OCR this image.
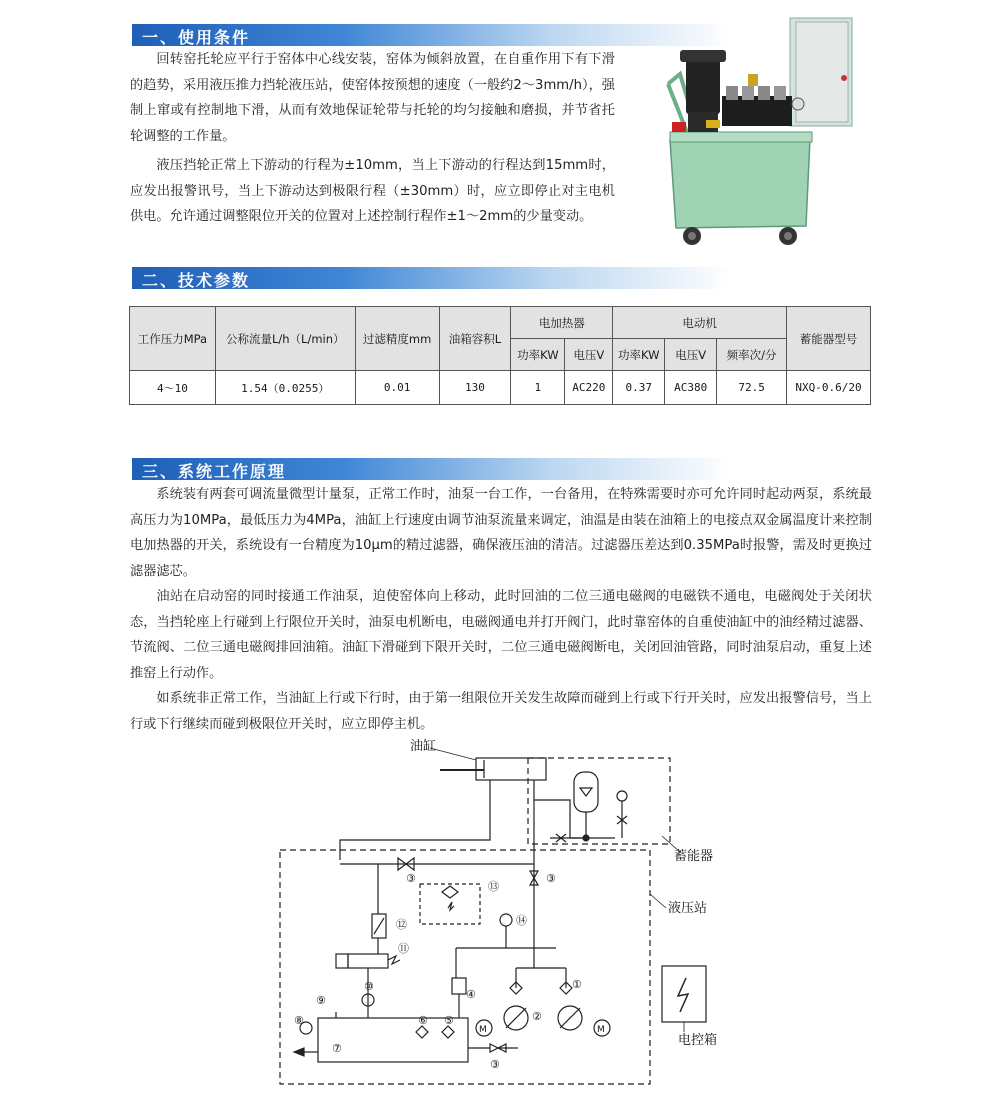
一、使用条件

回转窑托轮应平行于窑体中心线安装，窑体为倾斜放置，在自重作用下有下滑的趋势，采用液压推力挡轮液压站，使窑体按预想的速度（一般约2～3mm/h），强制上窜或有控制地下滑，从而有效地保证轮带与托轮的均匀接触和磨损，并节省托轮调整的工作量。

液压挡轮正常上下游动的行程为±10mm，当上下游动的行程达到15mm时，应发出报警讯号，当上下游动达到极限行程（±30mm）时，应立即停止对主电机供电。允许通过调整限位开关的位置对上述控制行程作±1～2mm的少量变动。

二、技术参数
工作压力MPa	公称流量L/h（L/min）	过滤精度mm	油箱容积L	电加热器		电动机			蓄能器型号
				功率KW	电压V	功率KW	电压V	频率次/分	
4～10	1.54（0.0255）	0.01	130	1	AC220	0.37	AC380	72.5	NXQ-0.6/20
三、系统工作原理

系统装有两套可调流量微型计量泵，正常工作时，油泵一台工作，一台备用，在特殊需要时亦可允许同时起动两泵，系统最高压力为10MPa，最低压力为4MPa，油缸上行速度由调节油泵流量来调定，油温是由装在油箱上的电接点双金属温度计来控制电加热器的开关，系统设有一台精度为10μm的精过滤器，确保液压油的清洁。过滤器压差达到0.35MPa时报警，需及时更换过滤器滤芯。

油站在启动窑的同时接通工作油泵，迫使窑体向上移动，此时回油的二位三通电磁阀的电磁铁不通电，电磁阀处于关闭状态，当挡轮座上行碰到上行限位开关时，油泵电机断电，电磁阀通电并打开阀门，此时靠窑体的自重使油缸中的油经精过滤器、节流阀、二位三通电磁阀排回油箱。油缸下滑碰到下限开关时，二位三通电磁阀断电，关闭回油管路，同时油泵启动，重复上述推窑上行动作。

如系统非正常工作，当油缸上行或下行时，由于第一组限位开关发生故障而碰到上行或下行开关时，应发出报警信号，当上行或下行继续而碰到极限位开关时，应立即停主机。

油缸
蓄能器
M	M
电控箱
液压站
①
②
③	③
③
④
⑤
⑥
⑦
⑧
⑨
⑩
⑪
⑫
⑬
⑭
